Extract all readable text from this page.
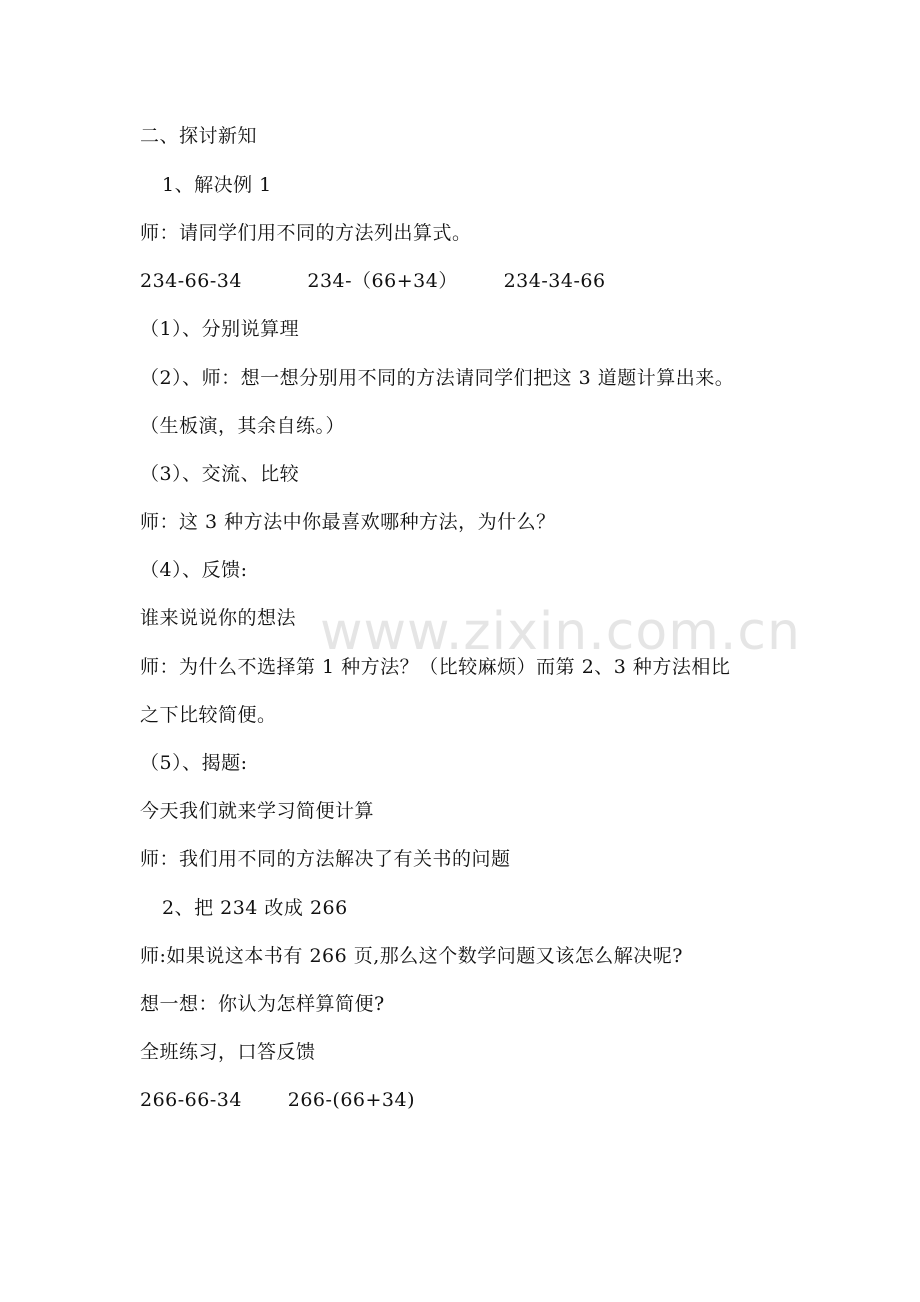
二、探讨新知
1、解决例 1
师：请同学们用不同的方法列出算式。
234-66-34          234-（66+34）       234-34-66
（1）、分别说算理
（2）、师：想一想分别用不同的方法请同学们把这 3 道题计算出来。
（生板演，其余自练。）
（3）、交流、比较
师：这 3 种方法中你最喜欢哪种方法，为什么？
（4）、反馈:
谁来说说你的想法
师：为什么不选择第 1 种方法？（比较麻烦）而第 2、3 种方法相比
之下比较简便。
（5）、揭题:
今天我们就来学习简便计算
师：我们用不同的方法解决了有关书的问题
2、把 234 改成 266
师:如果说这本书有 266 页,那么这个数学问题又该怎么解决呢?
想一想：你认为怎样算简便?
全班练习，口答反馈
266-66-34       266-(66+34)
www.zixin.com.cn
